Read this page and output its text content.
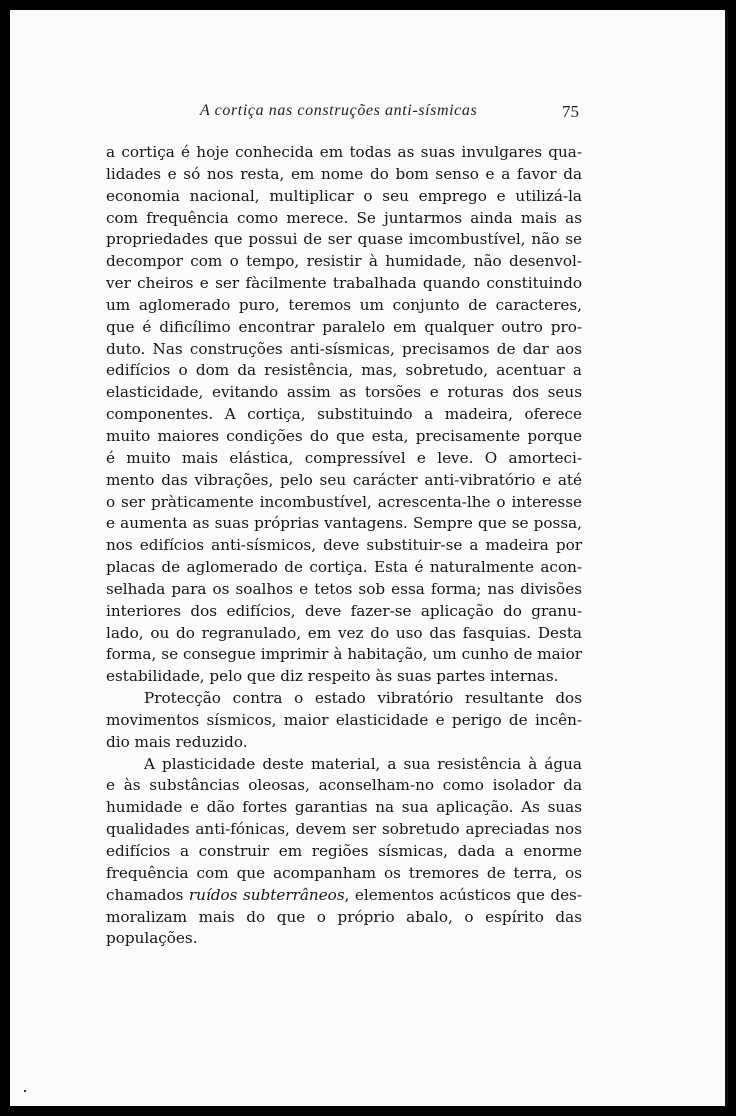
A cortiça nas construções anti-sísmicas	75
a cortiça é hoje conhecida em todas as suas invulgares qua-
lidades e só nos resta, em nome do bom senso e a favor da
economia nacional, multiplicar o seu emprego e utilizá-la
com frequência como merece. Se juntarmos ainda mais as
propriedades que possui de ser quase imcombustível, não se
decompor com o tempo, resistir à humidade, não desenvol-
ver cheiros e ser fàcilmente trabalhada quando constituindo
um aglomerado puro, teremos um conjunto de caracteres,
que é dificílimo encontrar paralelo em qualquer outro pro-
duto. Nas construções anti-sísmicas, precisamos de dar aos
edifícios o dom da resistência, mas, sobretudo, acentuar a
elasticidade, evitando assim as torsões e roturas dos seus
componentes. A cortiça, substituindo a madeira, oferece
muito maiores condições do que esta, precisamente porque
é muito mais elástica, compressível e leve. O amorteci-
mento das vibrações, pelo seu carácter anti-vibratório e até
o ser pràticamente incombustível, acrescenta-lhe o interesse
e aumenta as suas próprias vantagens. Sempre que se possa,
nos edifícios anti-sísmicos, deve substituir-se a madeira por
placas de aglomerado de cortiça. Esta é naturalmente acon-
selhada para os soalhos e tetos sob essa forma; nas divisões
interiores dos edifícios, deve fazer-se aplicação do granu-
lado, ou do regranulado, em vez do uso das fasquias. Desta
forma, se consegue imprimir à habitação, um cunho de maior
estabilidade, pelo que diz respeito às suas partes internas.
Protecção contra o estado vibratório resultante dos
movimentos sísmicos, maior elasticidade e perigo de incên-
dio mais reduzido.
A plasticidade deste material, a sua resistência à água
e às substâncias oleosas, aconselham-no como isolador da
humidade e dão fortes garantias na sua aplicação. As suas
qualidades anti-fónicas, devem ser sobretudo apreciadas nos
edifícios a construir em regiões sísmicas, dada a enorme
frequência com que acompanham os tremores de terra, os
chamados ruídos subterrâneos, elementos acústicos que des-
moralizam mais do que o próprio abalo, o espírito das
populações.
